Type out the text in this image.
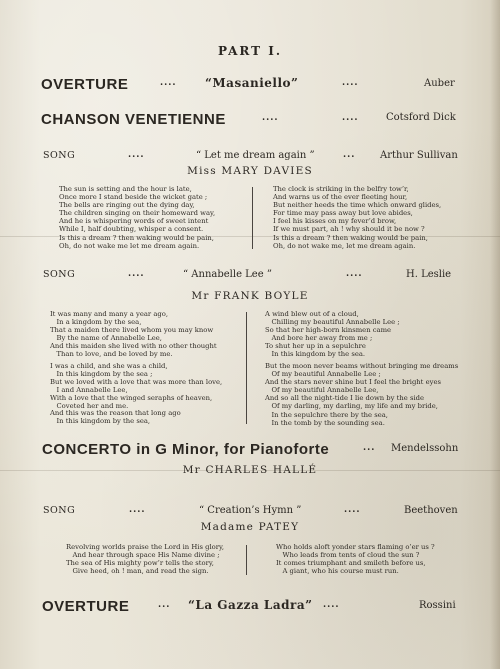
PART I.
OVERTURE	.... “Masaniello”	....	Auber
CHANSON VENETIENNE	....	....	Cotsford Dick
SONG	....	“ Let me dream again ”	... Arthur Sullivan
Miss MARY DAVIES
The sun is setting and the hour is late,
Once more I stand beside the wicket gate ;
The bells are ringing out the dying day,
The children singing on their homeward way,
And he is whispering words of sweet intent
While I, half doubting, whisper a consent.
Is this a dream ? then waking would be pain,
Oh, do not wake me let me dream again.
The clock is striking in the belfry tow’r,
And warns us of the ever fleeting hour,
But neither heeds the time which onward glides,
For time may pass away but love abides,
I feel his kisses on my fever’d brow,
If we must part, ah ! why should it be now ?
Is this a dream ? then waking would be pain,
Oh, do not wake me, let me dream again.
SONG	....	“ Annabelle Lee ”	....	H. Leslie
Mr FRANK BOYLE
It was many and many a year ago,
In a kingdom by the sea,
That a maiden there lived whom you may know
By the name of Annabelle Lee,
And this maiden she lived with no other thought
Than to love, and be loved by me.
I was a child, and she was a child,
In this kingdom by the sea ;
But we loved with a love that was more than love,
I and Annabelle Lee,
With a love that the winged seraphs of heaven,
Coveted her and me.
And this was the reason that long ago
In this kingdom by the sea,
A wind blew out of a cloud,
Chilling my beautiful Annabelle Lee ;
So that her high-born kinsmen came
And bore her away from me ;
To shut her up in a sepulchre
In this kingdom by the sea.
But the moon never beams without bringing me dreams
Of my beautiful Annabelle Lee ;
And the stars never shine but I feel the bright eyes
Of my beautiful Annabelle Lee,
And so all the night-tide I lie down by the side
Of my darling, my darling, my life and my bride,
In the sepulchre there by the sea,
In the tomb by the sounding sea.
CONCERTO in G Minor, for Pianoforte	... Mendelssohn
Mr CHARLES HALLÉ
SONG	....	“ Creation’s Hymn ”	....	Beethoven
Madame PATEY
Revolving worlds praise the Lord in His glory,
And hear through space His Name divine ;
The sea of His mighty pow’r tells the story,
Give heed, oh ! man, and read the sign.
Who holds aloft yonder stars flaming o’er us ?
Who leads from tents of cloud the sun ?
It comes triumphant and smileth before us,
A giant, who his course must run.
OVERTURE	... “La Gazza Ladra” ....	Rossini
